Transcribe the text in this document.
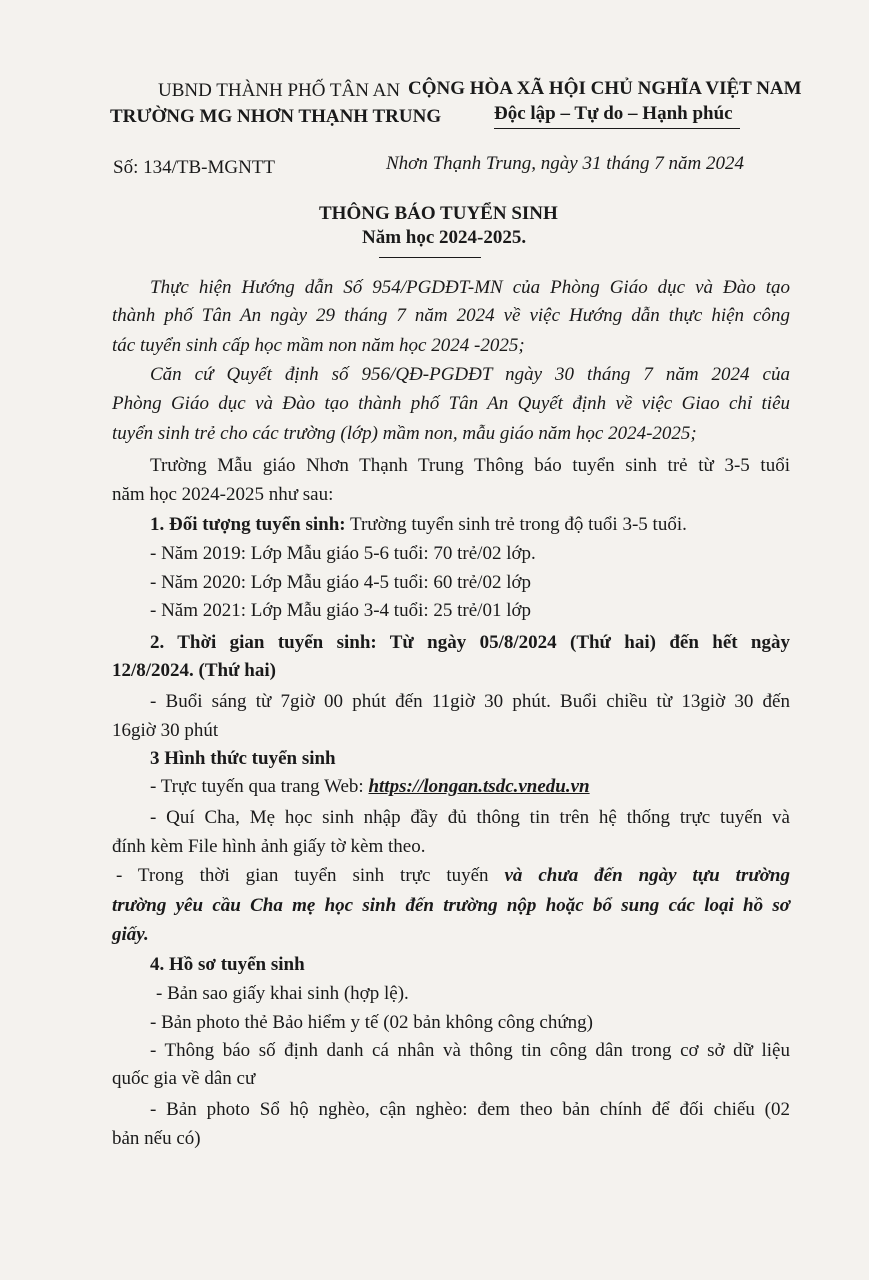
UBND THÀNH PHỐ TÂN AN
TRƯỜNG MG NHƠN THẠNH TRUNG
CỘNG HÒA XÃ HỘI CHỦ NGHĨA VIỆT NAM
Độc lập – Tự do – Hạnh phúc
Số: 134/TB-MGNTT	Nhơn Thạnh Trung, ngày 31 tháng 7 năm 2024
THÔNG BÁO TUYỂN SINH
Năm học 2024-2025.
Thực hiện Hướng dẫn Số 954/PGDĐT-MN của Phòng Giáo dục và Đào tạo
thành phố Tân An ngày 29 tháng 7 năm 2024 về việc Hướng dẫn thực hiện công
tác tuyển sinh cấp học mầm non năm học 2024 -2025;
Căn cứ Quyết định số 956/QĐ-PGDĐT ngày 30 tháng 7 năm 2024 của
Phòng Giáo dục và Đào tạo thành phố Tân An Quyết định về việc Giao chỉ tiêu
tuyển sinh trẻ cho các trường (lớp) mầm non, mẫu giáo năm học 2024-2025;
Trường Mẫu giáo Nhơn Thạnh Trung Thông báo tuyển sinh trẻ từ 3-5 tuổi
năm học 2024-2025 như sau:
1. Đối tượng tuyển sinh: Trường tuyển sinh trẻ trong độ tuổi 3-5 tuổi.
- Năm 2019: Lớp Mẫu giáo 5-6 tuổi: 70 trẻ/02 lớp.
- Năm 2020: Lớp Mẫu giáo 4-5 tuổi: 60 trẻ/02 lớp
- Năm 2021: Lớp Mẫu giáo 3-4 tuổi: 25 trẻ/01 lớp
2. Thời gian tuyển sinh: Từ ngày 05/8/2024 (Thứ hai) đến hết ngày
12/8/2024. (Thứ hai)
- Buổi sáng từ 7giờ 00 phút đến 11giờ 30 phút. Buổi chiều từ 13giờ 30 đến
16giờ 30 phút
3 Hình thức tuyển sinh
- Trực tuyến qua trang Web: https://longan.tsdc.vnedu.vn
- Quí Cha, Mẹ học sinh nhập đầy đủ thông tin trên hệ thống trực tuyến và
đính kèm File hình ảnh giấy tờ kèm theo.
- Trong thời gian tuyển sinh trực tuyến và chưa đến ngày tựu trường
trường yêu cầu Cha mẹ học sinh đến trường nộp hoặc bổ sung các loại hồ sơ
giấy.
4. Hồ sơ tuyển sinh
- Bản sao giấy khai sinh (hợp lệ).
- Bản photo thẻ Bảo hiểm y tế (02 bản không công chứng)
- Thông báo số định danh cá nhân và thông tin công dân trong cơ sở dữ liệu
quốc gia về dân cư
- Bản photo Sổ hộ nghèo, cận nghèo: đem theo bản chính để đối chiếu (02
bản nếu có)
